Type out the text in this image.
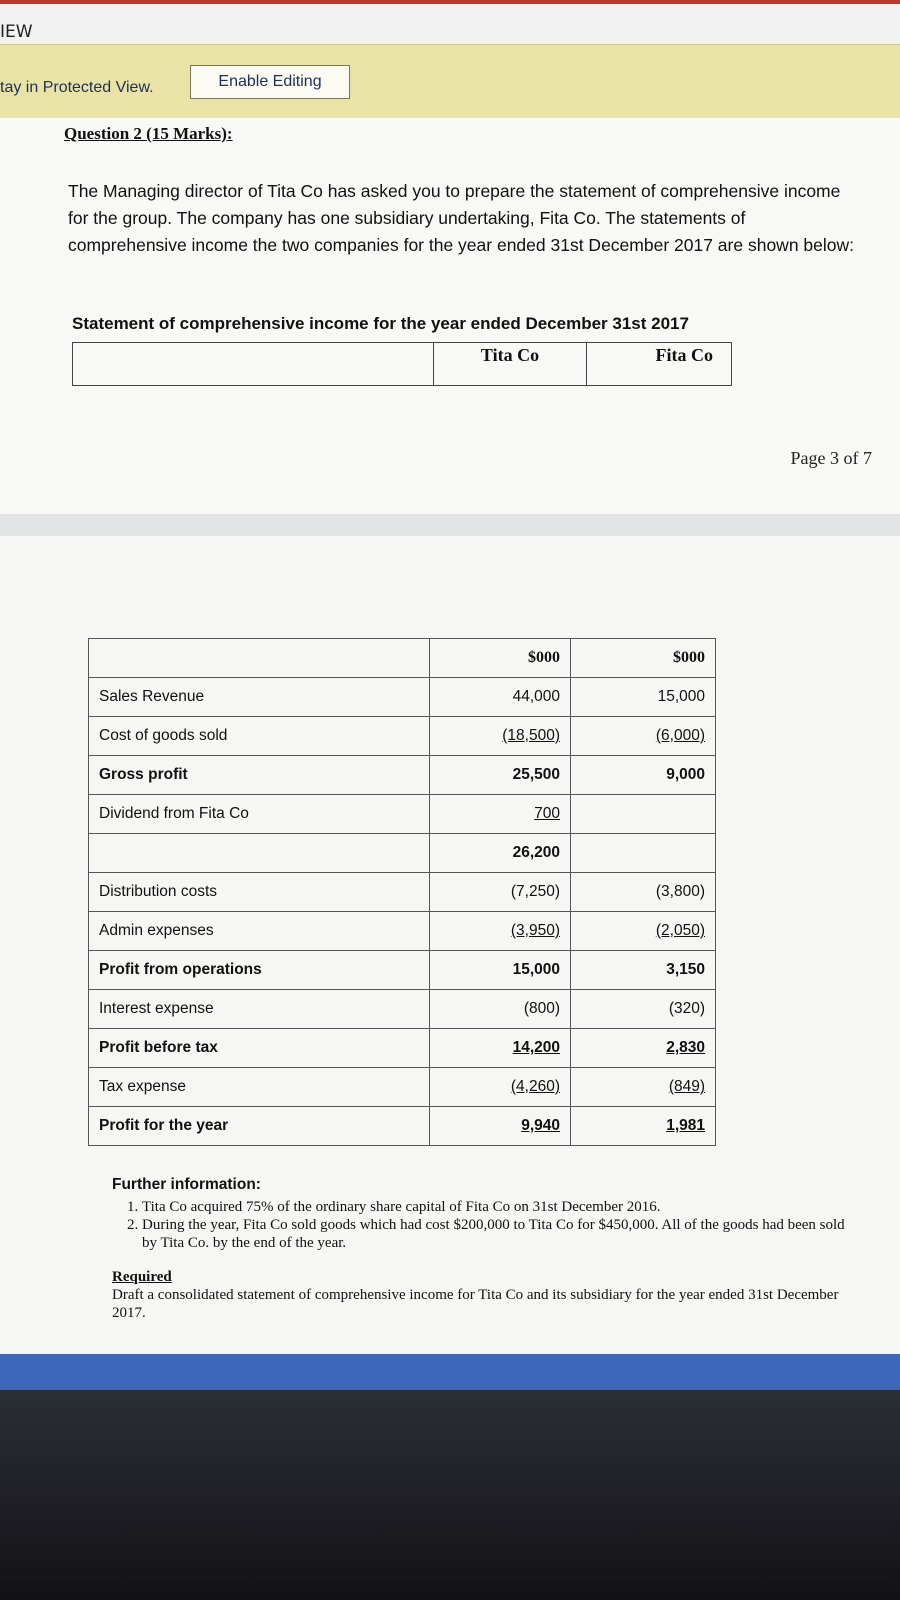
IEW
tay in Protected View.	Enable Editing
Question 2 (15 Marks):
The Managing director of Tita Co has asked you to prepare the statement of comprehensive income for the group. The company has one subsidiary undertaking, Fita Co. The statements of comprehensive income the two companies for the year ended 31st December 2017 are shown below:
Statement of comprehensive income for the year ended December 31st 2017
Tita Co	Fita Co
Page 3 of 7
	$000	$000
Sales Revenue	44,000	15,000
Cost of goods sold	(18,500)	(6,000)
Gross profit	25,500	9,000
Dividend from Fita Co	700	
	26,200	
Distribution costs	(7,250)	(3,800)
Admin expenses	(3,950)	(2,050)
Profit from operations	15,000	3,150
Interest expense	(800)	(320)
Profit before tax	14,200	2,830
Tax expense	(4,260)	(849)
Profit for the year	9,940	1,981
Further information:
1. Tita Co acquired 75% of the ordinary share capital of Fita Co on 31st December 2016.
2. During the year, Fita Co sold goods which had cost $200,000 to Tita Co for $450,000. All of the goods had been sold by Tita Co. by the end of the year.
Required
Draft a consolidated statement of comprehensive income for Tita Co and its subsidiary for the year ended 31st December 2017.
